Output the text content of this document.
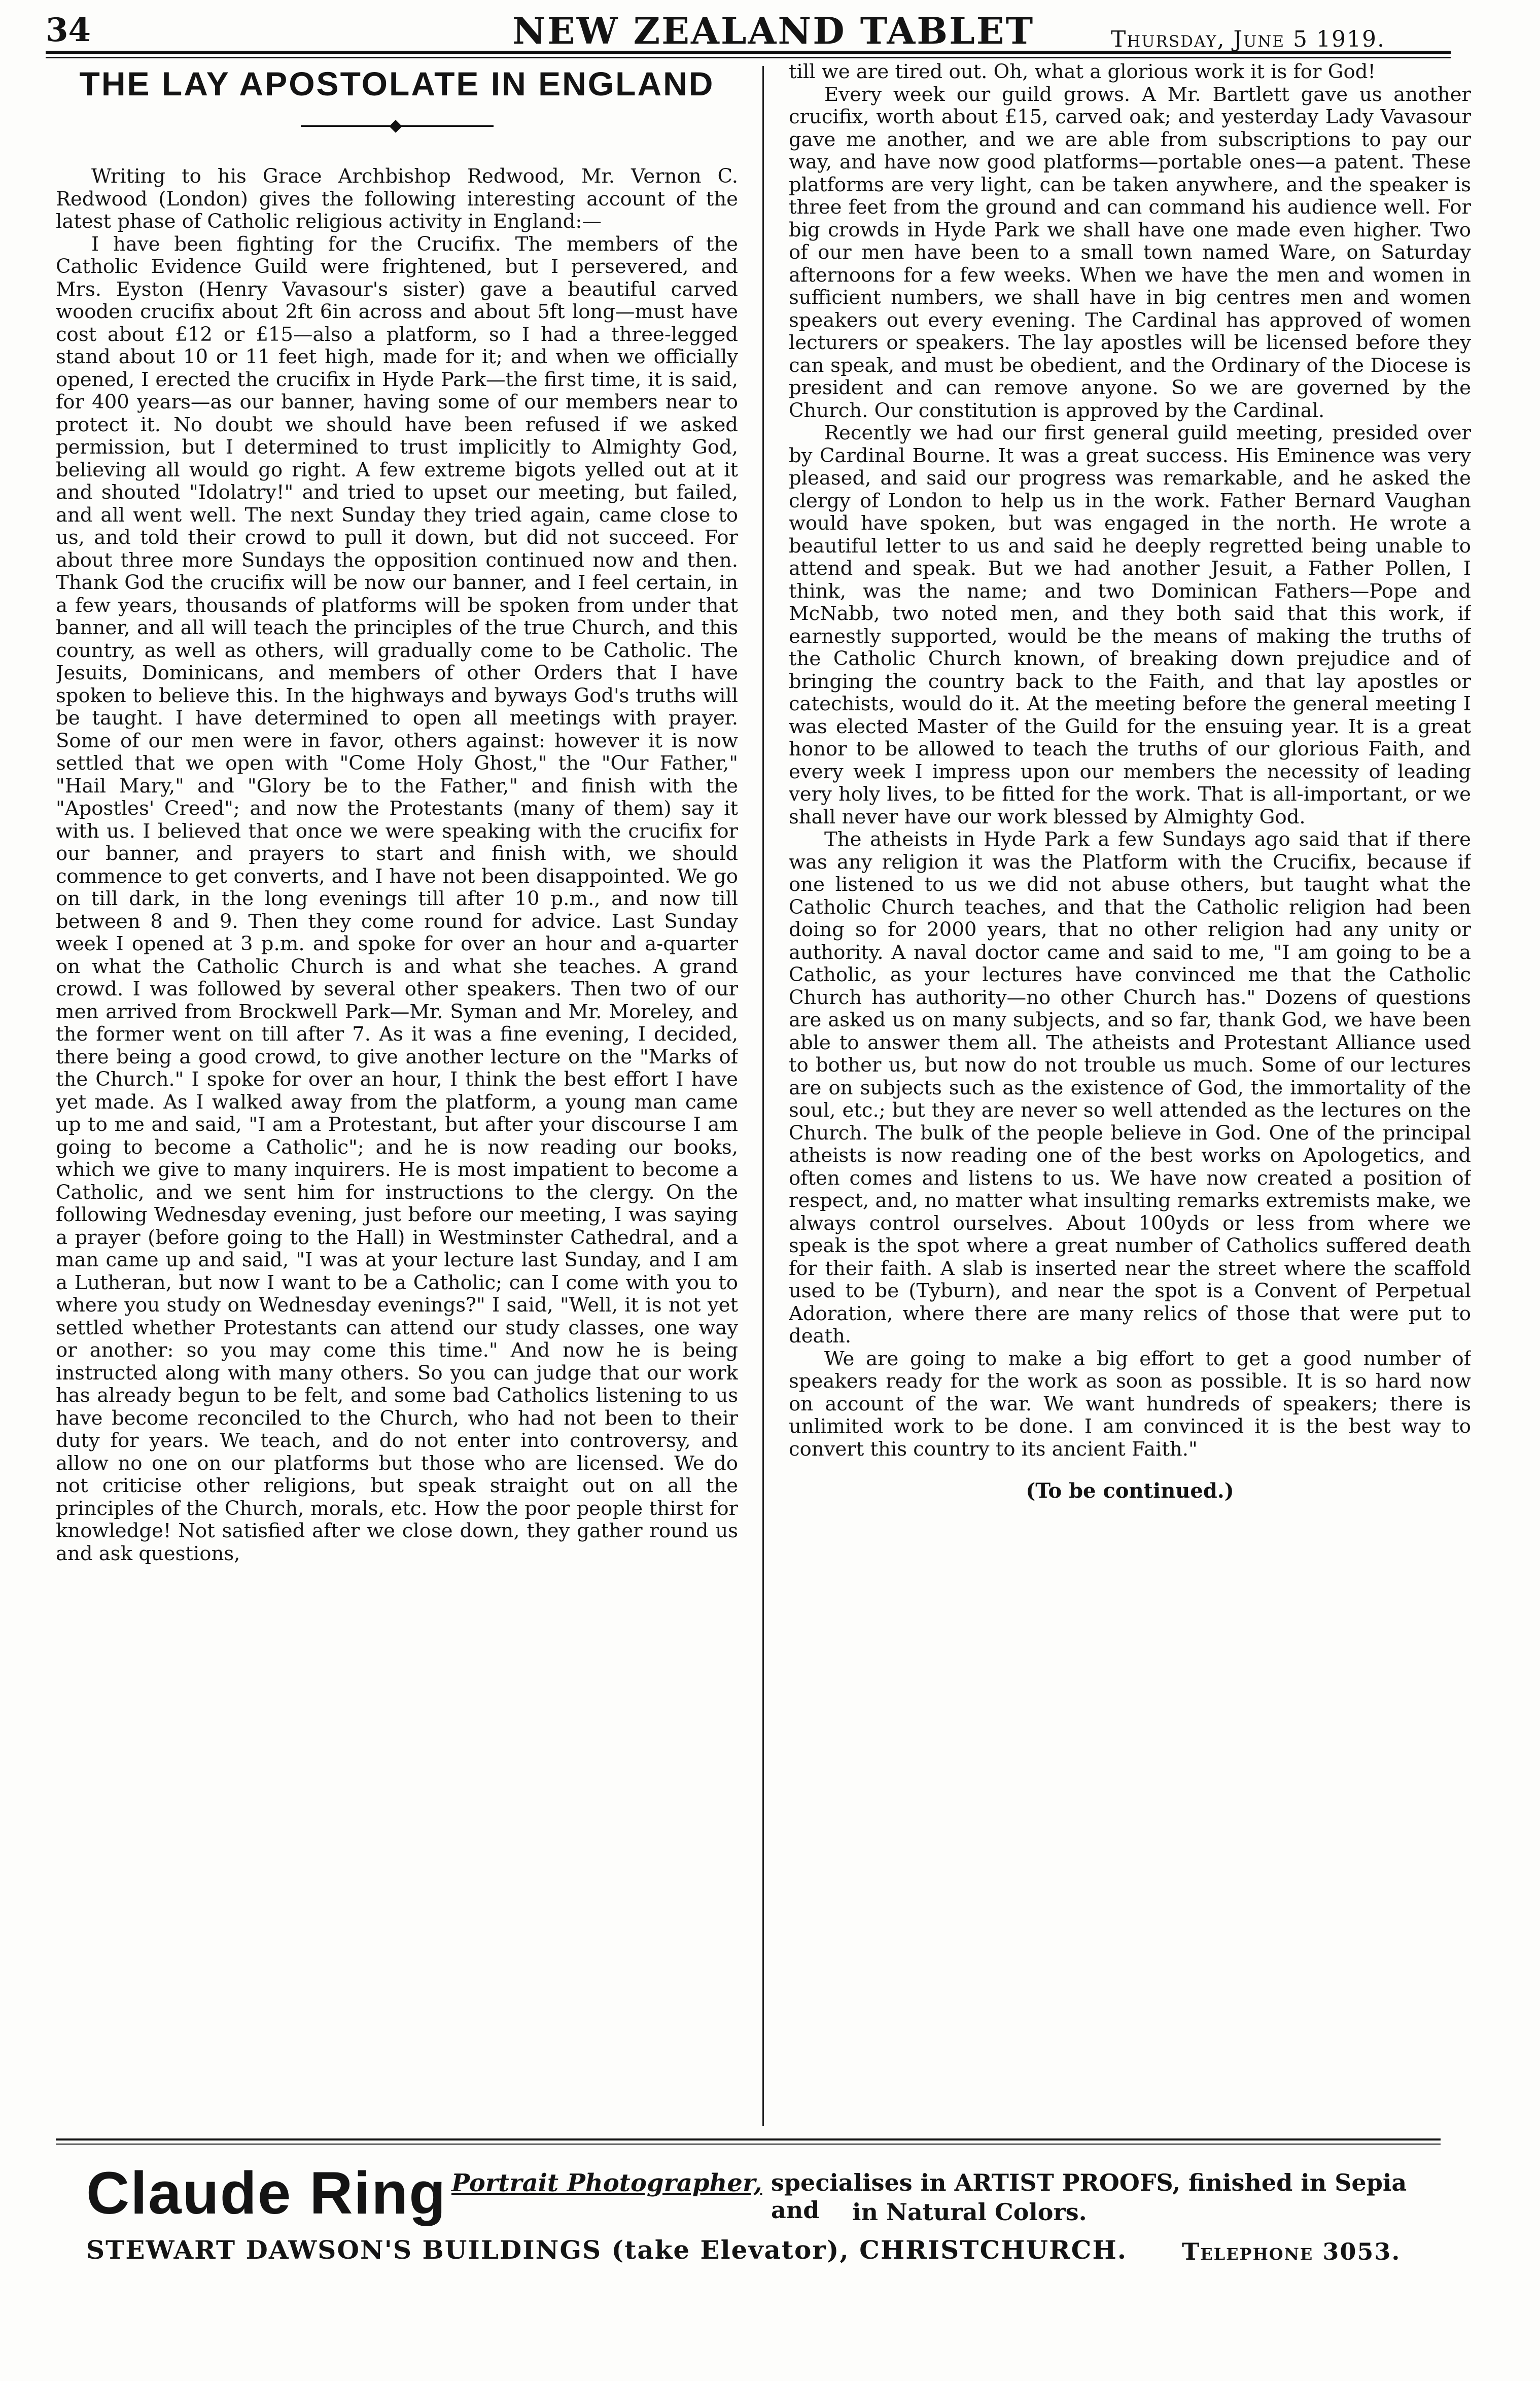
34	NEW ZEALAND TABLET	Thursday, June 5 1919.
THE LAY APOSTOLATE IN ENGLAND

Writing to his Grace Archbishop Redwood, Mr. Vernon C. Redwood (London) gives the following interesting account of the latest phase of Catholic religious activity in England:—

I have been fighting for the Crucifix. The members of the Catholic Evidence Guild were frightened, but I persevered, and Mrs. Eyston (Henry Vavasour's sister) gave a beautiful carved wooden crucifix about 2ft 6in across and about 5ft long—must have cost about £12 or £15—also a platform, so I had a three-legged stand about 10 or 11 feet high, made for it; and when we officially opened, I erected the crucifix in Hyde Park—the first time, it is said, for 400 years—as our banner, having some of our members near to protect it. No doubt we should have been refused if we asked permission, but I determined to trust implicitly to Almighty God, believing all would go right. A few extreme bigots yelled out at it and shouted "Idolatry!" and tried to upset our meeting, but failed, and all went well. The next Sunday they tried again, came close to us, and told their crowd to pull it down, but did not succeed. For about three more Sundays the opposition continued now and then. Thank God the crucifix will be now our banner, and I feel certain, in a few years, thousands of platforms will be spoken from under that banner, and all will teach the principles of the true Church, and this country, as well as others, will gradually come to be Catholic. The Jesuits, Dominicans, and members of other Orders that I have spoken to believe this. In the highways and byways God's truths will be taught. I have determined to open all meetings with prayer. Some of our men were in favor, others against: however it is now settled that we open with "Come Holy Ghost," the "Our Father," "Hail Mary," and "Glory be to the Father," and finish with the "Apostles' Creed"; and now the Protestants (many of them) say it with us. I believed that once we were speaking with the crucifix for our banner, and prayers to start and finish with, we should commence to get converts, and I have not been disappointed. We go on till dark, in the long evenings till after 10 p.m., and now till between 8 and 9. Then they come round for advice. Last Sunday week I opened at 3 p.m. and spoke for over an hour and a-quarter on what the Catholic Church is and what she teaches. A grand crowd. I was followed by several other speakers. Then two of our men arrived from Brockwell Park—Mr. Syman and Mr. Moreley, and the former went on till after 7. As it was a fine evening, I decided, there being a good crowd, to give another lecture on the "Marks of the Church." I spoke for over an hour, I think the best effort I have yet made. As I walked away from the platform, a young man came up to me and said, "I am a Protestant, but after your discourse I am going to become a Catholic"; and he is now reading our books, which we give to many inquirers. He is most impatient to become a Catholic, and we sent him for instructions to the clergy. On the following Wednesday evening, just before our meeting, I was saying a prayer (before going to the Hall) in Westminster Cathedral, and a man came up and said, "I was at your lecture last Sunday, and I am a Lutheran, but now I want to be a Catholic; can I come with you to where you study on Wednesday evenings?" I said, "Well, it is not yet settled whether Protestants can attend our study classes, one way or another: so you may come this time." And now he is being instructed along with many others. So you can judge that our work has already begun to be felt, and some bad Catholics listening to us have become reconciled to the Church, who had not been to their duty for years. We teach, and do not enter into controversy, and allow no one on our platforms but those who are licensed. We do not criticise other religions, but speak straight out on all the principles of the Church, morals, etc. How the poor people thirst for knowledge! Not satisfied after we close down, they gather round us and ask questions,

till we are tired out. Oh, what a glorious work it is for God!

Every week our guild grows. A Mr. Bartlett gave us another crucifix, worth about £15, carved oak; and yesterday Lady Vavasour gave me another, and we are able from subscriptions to pay our way, and have now good platforms—portable ones—a patent. These platforms are very light, can be taken anywhere, and the speaker is three feet from the ground and can command his audience well. For big crowds in Hyde Park we shall have one made even higher. Two of our men have been to a small town named Ware, on Saturday afternoons for a few weeks. When we have the men and women in sufficient numbers, we shall have in big centres men and women speakers out every evening. The Cardinal has approved of women lecturers or speakers. The lay apostles will be licensed before they can speak, and must be obedient, and the Ordinary of the Diocese is president and can remove anyone. So we are governed by the Church. Our constitution is approved by the Cardinal.

Recently we had our first general guild meeting, presided over by Cardinal Bourne. It was a great success. His Eminence was very pleased, and said our progress was remarkable, and he asked the clergy of London to help us in the work. Father Bernard Vaughan would have spoken, but was engaged in the north. He wrote a beautiful letter to us and said he deeply regretted being unable to attend and speak. But we had another Jesuit, a Father Pollen, I think, was the name; and two Dominican Fathers—Pope and McNabb, two noted men, and they both said that this work, if earnestly supported, would be the means of making the truths of the Catholic Church known, of breaking down prejudice and of bringing the country back to the Faith, and that lay apostles or catechists, would do it. At the meeting before the general meeting I was elected Master of the Guild for the ensuing year. It is a great honor to be allowed to teach the truths of our glorious Faith, and every week I impress upon our members the necessity of leading very holy lives, to be fitted for the work. That is all-important, or we shall never have our work blessed by Almighty God.

The atheists in Hyde Park a few Sundays ago said that if there was any religion it was the Platform with the Crucifix, because if one listened to us we did not abuse others, but taught what the Catholic Church teaches, and that the Catholic religion had been doing so for 2000 years, that no other religion had any unity or authority. A naval doctor came and said to me, "I am going to be a Catholic, as your lectures have convinced me that the Catholic Church has authority—no other Church has." Dozens of questions are asked us on many subjects, and so far, thank God, we have been able to answer them all. The atheists and Protestant Alliance used to bother us, but now do not trouble us much. Some of our lectures are on subjects such as the existence of God, the immortality of the soul, etc.; but they are never so well attended as the lectures on the Church. The bulk of the people believe in God. One of the principal atheists is now reading one of the best works on Apologetics, and often comes and listens to us. We have now created a position of respect, and, no matter what insulting remarks extremists make, we always control ourselves. About 100yds or less from where we speak is the spot where a great number of Catholics suffered death for their faith. A slab is inserted near the street where the scaffold used to be (Tyburn), and near the spot is a Convent of Perpetual Adoration, where there are many relics of those that were put to death.

We are going to make a big effort to get a good number of speakers ready for the work as soon as possible. It is so hard now on account of the war. We want hundreds of speakers; there is unlimited work to be done. I am convinced it is the best way to convert this country to its ancient Faith."

(To be continued.)
Claude Ring Portrait Photographer, specialises in ARTIST PROOFS, finished in Sepia and	in Natural Colors.
STEWART DAWSON'S BUILDINGS (take Elevator), CHRISTCHURCH. Telephone 3053.
